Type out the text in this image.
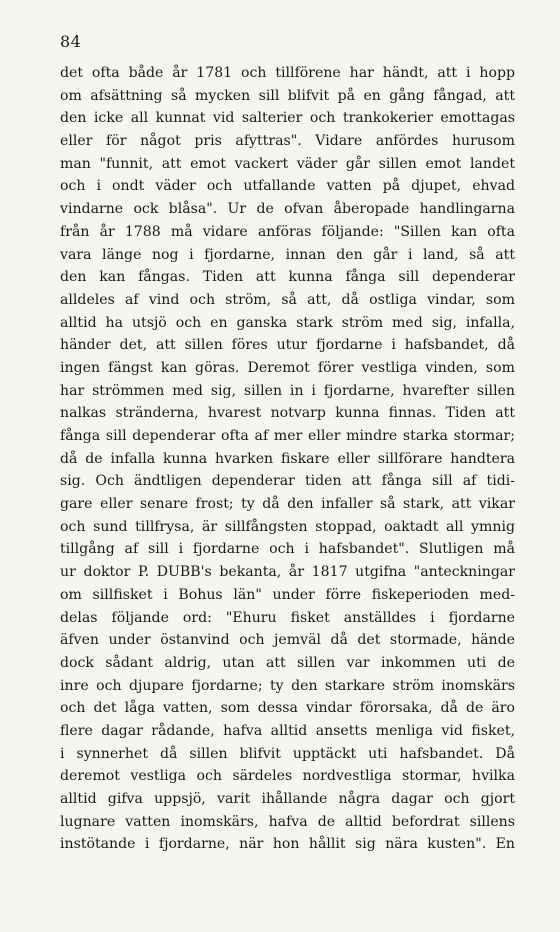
84
det ofta både år 1781 och tillförene har händt, att i hopp
om afsättning så mycken sill blifvit på en gång fångad, att
den icke all kunnat vid salterier och trankokerier emottagas
eller för något pris afyttras". Vidare anfördes hurusom
man "funnit, att emot vackert väder går sillen emot landet
och i ondt väder och utfallande vatten på djupet, ehvad
vindarne ock blåsa". Ur de ofvan åberopade handlingarna
från år 1788 må vidare anföras följande: "Sillen kan ofta
vara länge nog i fjordarne, innan den går i land, så att
den kan fångas. Tiden att kunna fånga sill dependerar
alldeles af vind och ström, så att, då ostliga vindar, som
alltid ha utsjö och en ganska stark ström med sig, infalla,
händer det, att sillen föres utur fjordarne i hafsbandet, då
ingen fängst kan göras. Deremot förer vestliga vinden, som
har strömmen med sig, sillen in i fjordarne, hvarefter sillen
nalkas stränderna, hvarest notvarp kunna finnas. Tiden att
fånga sill dependerar ofta af mer eller mindre starka stormar;
då de infalla kunna hvarken fiskare eller sillförare handtera
sig. Och ändtligen dependerar tiden att fånga sill af tidi-
gare eller senare frost; ty då den infaller så stark, att vikar
och sund tillfrysa, är sillfångsten stoppad, oaktadt all ymnig
tillgång af sill i fjordarne och i hafsbandet". Slutligen må
ur doktor P. DUBB's bekanta, år 1817 utgifna "anteckningar
om sillfisket i Bohus län" under förre fiskeperioden med-
delas följande ord: "Ehuru fisket anställdes i fjordarne
äfven under östanvind och jemväl då det stormade, hände
dock sådant aldrig, utan att sillen var inkommen uti de
inre och djupare fjordarne; ty den starkare ström inomskärs
och det låga vatten, som dessa vindar förorsaka, då de äro
flere dagar rådande, hafva alltid ansetts menliga vid fisket,
i synnerhet då sillen blifvit upptäckt uti hafsbandet. Då
deremot vestliga och särdeles nordvestliga stormar, hvilka
alltid gifva uppsjö, varit ihållande några dagar och gjort
lugnare vatten inomskärs, hafva de alltid befordrat sillens
instötande i fjordarne, när hon hållit sig nära kusten". En
